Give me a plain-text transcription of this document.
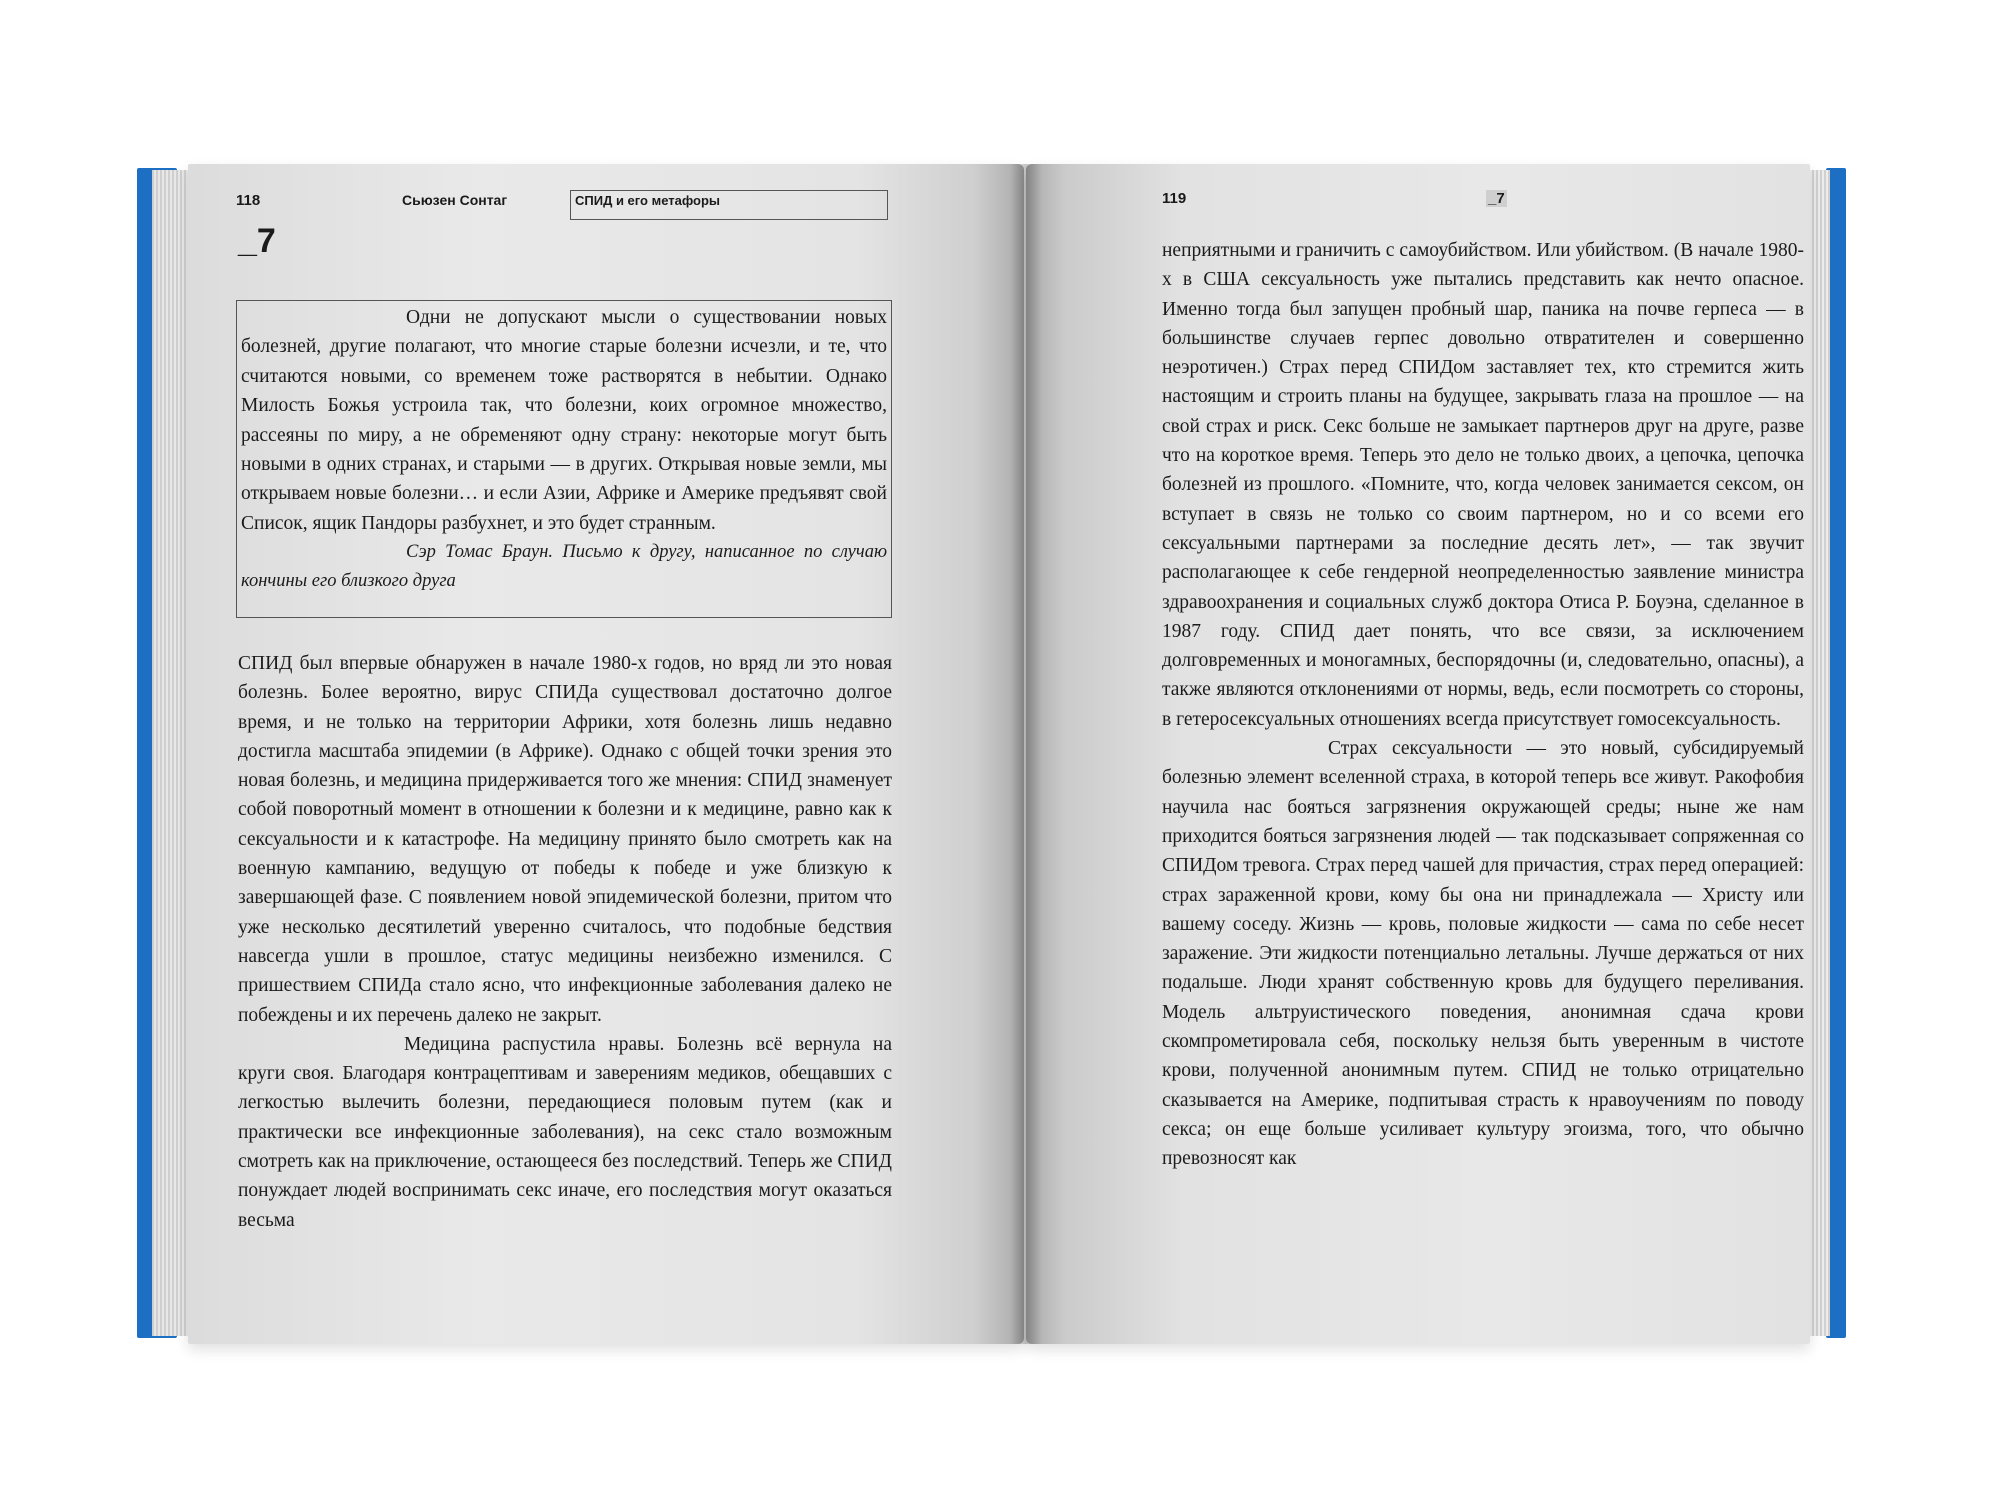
118	Сьюзен Сонтаг	СПИД и его метафоры
_7

Одни не допускают мысли о существовании новых болезней, другие полагают, что многие старые болезни исчезли, и те, что считаются новыми, со временем тоже растворятся в небытии. Однако Милость Божья устроила так, что болезни, коих огромное множество, рассеяны по миру, а не обременяют одну страну: некоторые могут быть новыми в одних странах, и старыми — в других. Открывая новые земли, мы открываем новые болезни… и если Азии, Африке и Америке предъявят свой Список, ящик Пандоры разбухнет, и это будет странным.

Сэр Томас Браун. Письмо к другу, написанное по случаю кончины его близкого друга

СПИД был впервые обнаружен в начале 1980-х годов, но вряд ли это новая болезнь. Более вероятно, вирус СПИДа существовал достаточно долгое время, и не только на территории Африки, хотя болезнь лишь недавно достигла масштаба эпидемии (в Африке). Однако с общей точки зрения это новая болезнь, и медицина придерживается того же мнения: СПИД знаменует собой поворотный момент в отношении к болезни и к медицине, равно как к сексуальности и к катастрофе. На медицину принято было смотреть как на военную кампанию, ведущую от победы к победе и уже близкую к завершающей фазе. С появлением новой эпидемической болезни, притом что уже несколько десятилетий уверенно считалось, что подобные бедствия навсегда ушли в прошлое, статус медицины неизбежно изменился. С пришествием СПИДа стало ясно, что инфекционные заболевания далеко не побеждены и их перечень далеко не закрыт.

Медицина распустила нравы. Болезнь всё вернула на круги своя. Благодаря контрацептивам и заверениям медиков, обещавших с легкостью вылечить болезни, передающиеся половым путем (как и практически все инфекционные заболевания), на секс стало возможным смотреть как на приключение, остающееся без последствий. Теперь же СПИД понуждает людей воспринимать секс иначе, его последствия могут оказаться весьма

119	_7

неприятными и граничить с самоубийством. Или убийством. (В начале 1980-х в США сексуальность уже пытались представить как нечто опасное. Именно тогда был запущен пробный шар, паника на почве герпеса — в большинстве случаев герпес довольно отвратителен и совершенно неэротичен.) Страх перед СПИДом заставляет тех, кто стремится жить настоящим и строить планы на будущее, закрывать глаза на прошлое — на свой страх и риск. Секс больше не замыкает партнеров друг на друге, разве что на короткое время. Теперь это дело не только двоих, а цепочка, цепочка болезней из прошлого. «Помните, что, когда человек занимается сексом, он вступает в связь не только со своим партнером, но и со всеми его сексуальными партнерами за последние десять лет», — так звучит располагающее к себе гендерной неопределенностью заявление министра здравоохранения и социальных служб доктора Отиса Р. Боуэна, сделанное в 1987 году. СПИД дает понять, что все связи, за исключением долговременных и моногамных, беспорядочны (и, следовательно, опасны), а также являются отклонениями от нормы, ведь, если посмотреть со стороны, в гетеросексуальных отношениях всегда присутствует гомосексуальность.

Страх сексуальности — это новый, субсидируемый болезнью элемент вселенной страха, в которой теперь все живут. Ракофобия научила нас бояться загрязнения окружающей среды; ныне же нам приходится бояться загрязнения людей — так подсказывает сопряженная со СПИДом тревога. Страх перед чашей для причастия, страх перед операцией: страх зараженной крови, кому бы она ни принадлежала — Христу или вашему соседу. Жизнь — кровь, половые жидкости — сама по себе несет заражение. Эти жидкости потенциально летальны. Лучше держаться от них подальше. Люди хранят собственную кровь для будущего переливания. Модель альтруистического поведения, анонимная сдача крови скомпрометировала себя, поскольку нельзя быть уверенным в чистоте крови, полученной анонимным путем. СПИД не только отрицательно сказывается на Америке, подпитывая страсть к нравоучениям по поводу секса; он еще больше усиливает культуру эгоизма, того, что обычно превозносят как
